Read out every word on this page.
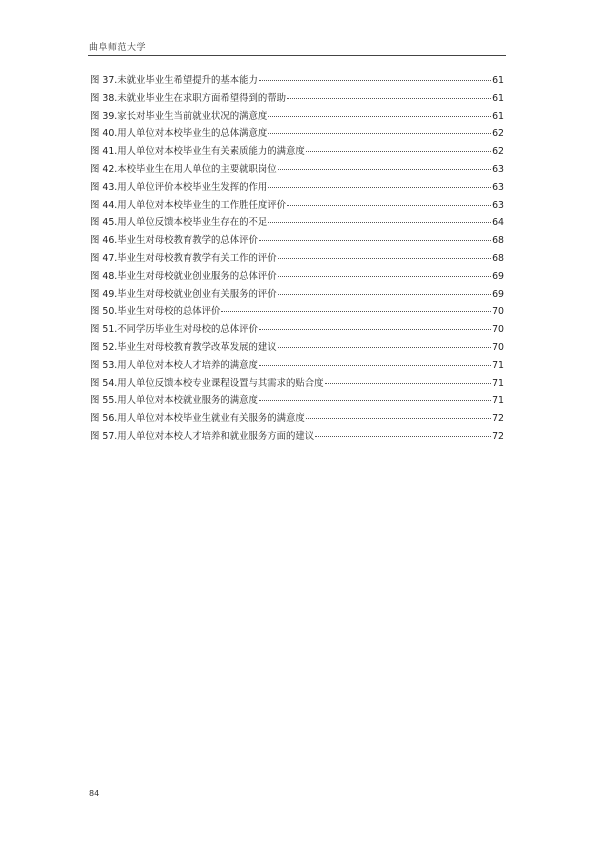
曲阜师范大学
图 37.未就业毕业生希望提升的基本能力	61
图 38.未就业毕业生在求职方面希望得到的帮助	61
图 39.家长对毕业生当前就业状况的满意度	61
图 40.用人单位对本校毕业生的总体满意度	62
图 41.用人单位对本校毕业生有关素质能力的满意度	62
图 42.本校毕业生在用人单位的主要就职岗位	63
图 43.用人单位评价本校毕业生发挥的作用	63
图 44.用人单位对本校毕业生的工作胜任度评价	63
图 45.用人单位反馈本校毕业生存在的不足	64
图 46.毕业生对母校教育教学的总体评价	68
图 47.毕业生对母校教育教学有关工作的评价	68
图 48.毕业生对母校就业创业服务的总体评价	69
图 49.毕业生对母校就业创业有关服务的评价	69
图 50.毕业生对母校的总体评价	70
图 51.不同学历毕业生对母校的总体评价	70
图 52.毕业生对母校教育教学改革发展的建议	70
图 53.用人单位对本校人才培养的满意度	71
图 54.用人单位反馈本校专业课程设置与其需求的贴合度	71
图 55.用人单位对本校就业服务的满意度	71
图 56.用人单位对本校毕业生就业有关服务的满意度	72
图 57.用人单位对本校人才培养和就业服务方面的建议	72
84
